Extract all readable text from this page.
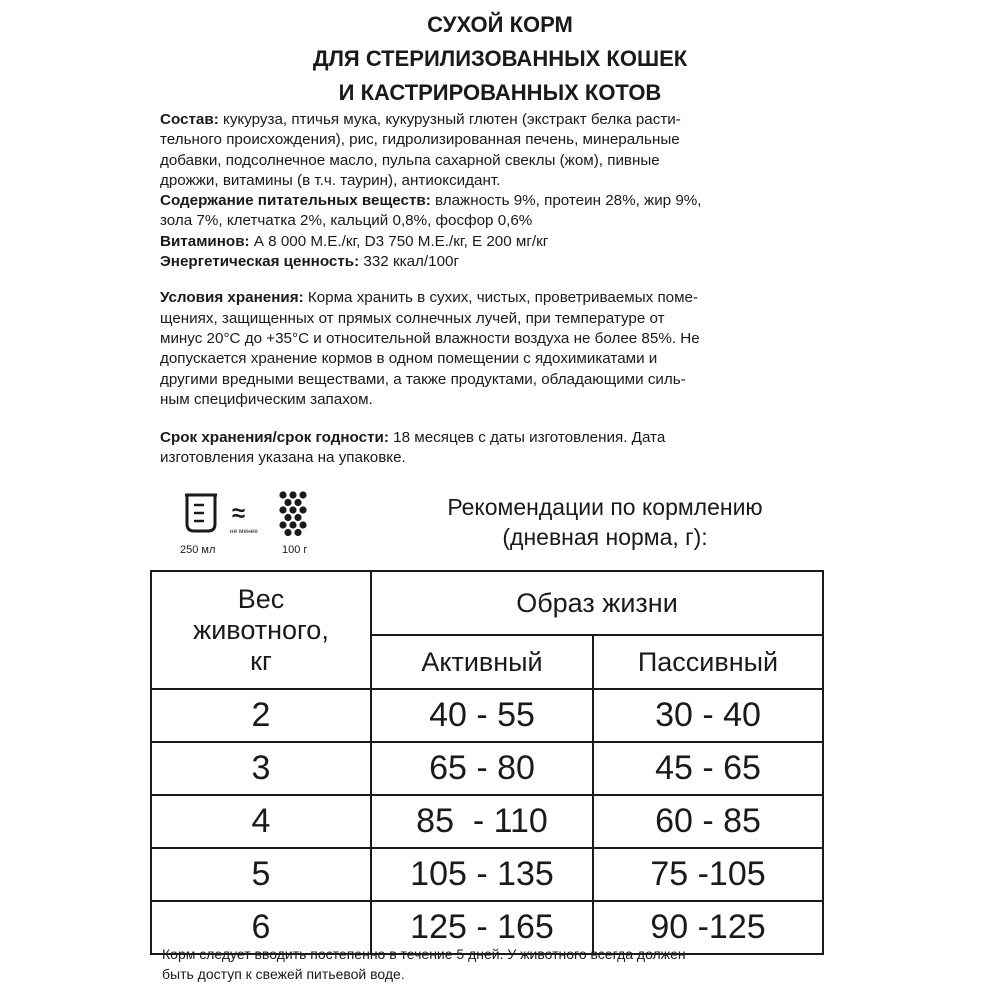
СУХОЙ КОРМ
ДЛЯ СТЕРИЛИЗОВАННЫХ КОШЕК
И КАСТРИРОВАННЫХ КОТОВ

Состав: кукуруза, птичья мука, кукурузный глютен (экстракт белка расти-

тельного происхождения), рис, гидролизированная печень, минеральные

добавки, подсолнечное масло, пульпа сахарной свеклы (жом), пивные

дрожжи, витамины (в т.ч. таурин), антиоксидант.

Содержание питательных веществ: влажность 9%, протеин 28%, жир 9%,

зола 7%, клетчатка 2%, кальций 0,8%, фосфор 0,6%

Витаминов: А 8 000 М.Е./кг, D3 750 М.Е./кг, Е 200 мг/кг

Энергетическая ценность: 332 ккал/100г

Условия хранения: Корма хранить в сухих, чистых, проветриваемых поме-

щениях, защищенных от прямых солнечных лучей, при температуре от

минус 20°С до +35°С и относительной влажности воздуха не более 85%. Не

допускается хранение кормов в одном помещении с ядохимикатами и

другими вредными веществами, а также продуктами, обладающими силь-

ным специфическим запахом.

Срок хранения/срок годности: 18 месяцев с даты изготовления. Дата

изготовления указана на упаковке.

250 мл
≈
не менее
100 г
Рекомендации по кормлению
(дневная норма, г):
Вес
животного,
кг	Образ жизни	
	Активный	Пассивный
2	40 - 55	30 - 40
3	65 - 80	45 - 65
4	85  - 110	60 - 85
5	105 - 135	75 -105
6	125 - 165	90 -125
Корм следует вводить постепенно в течение 5 дней. У животного всегда должен
быть доступ к свежей питьевой воде.
